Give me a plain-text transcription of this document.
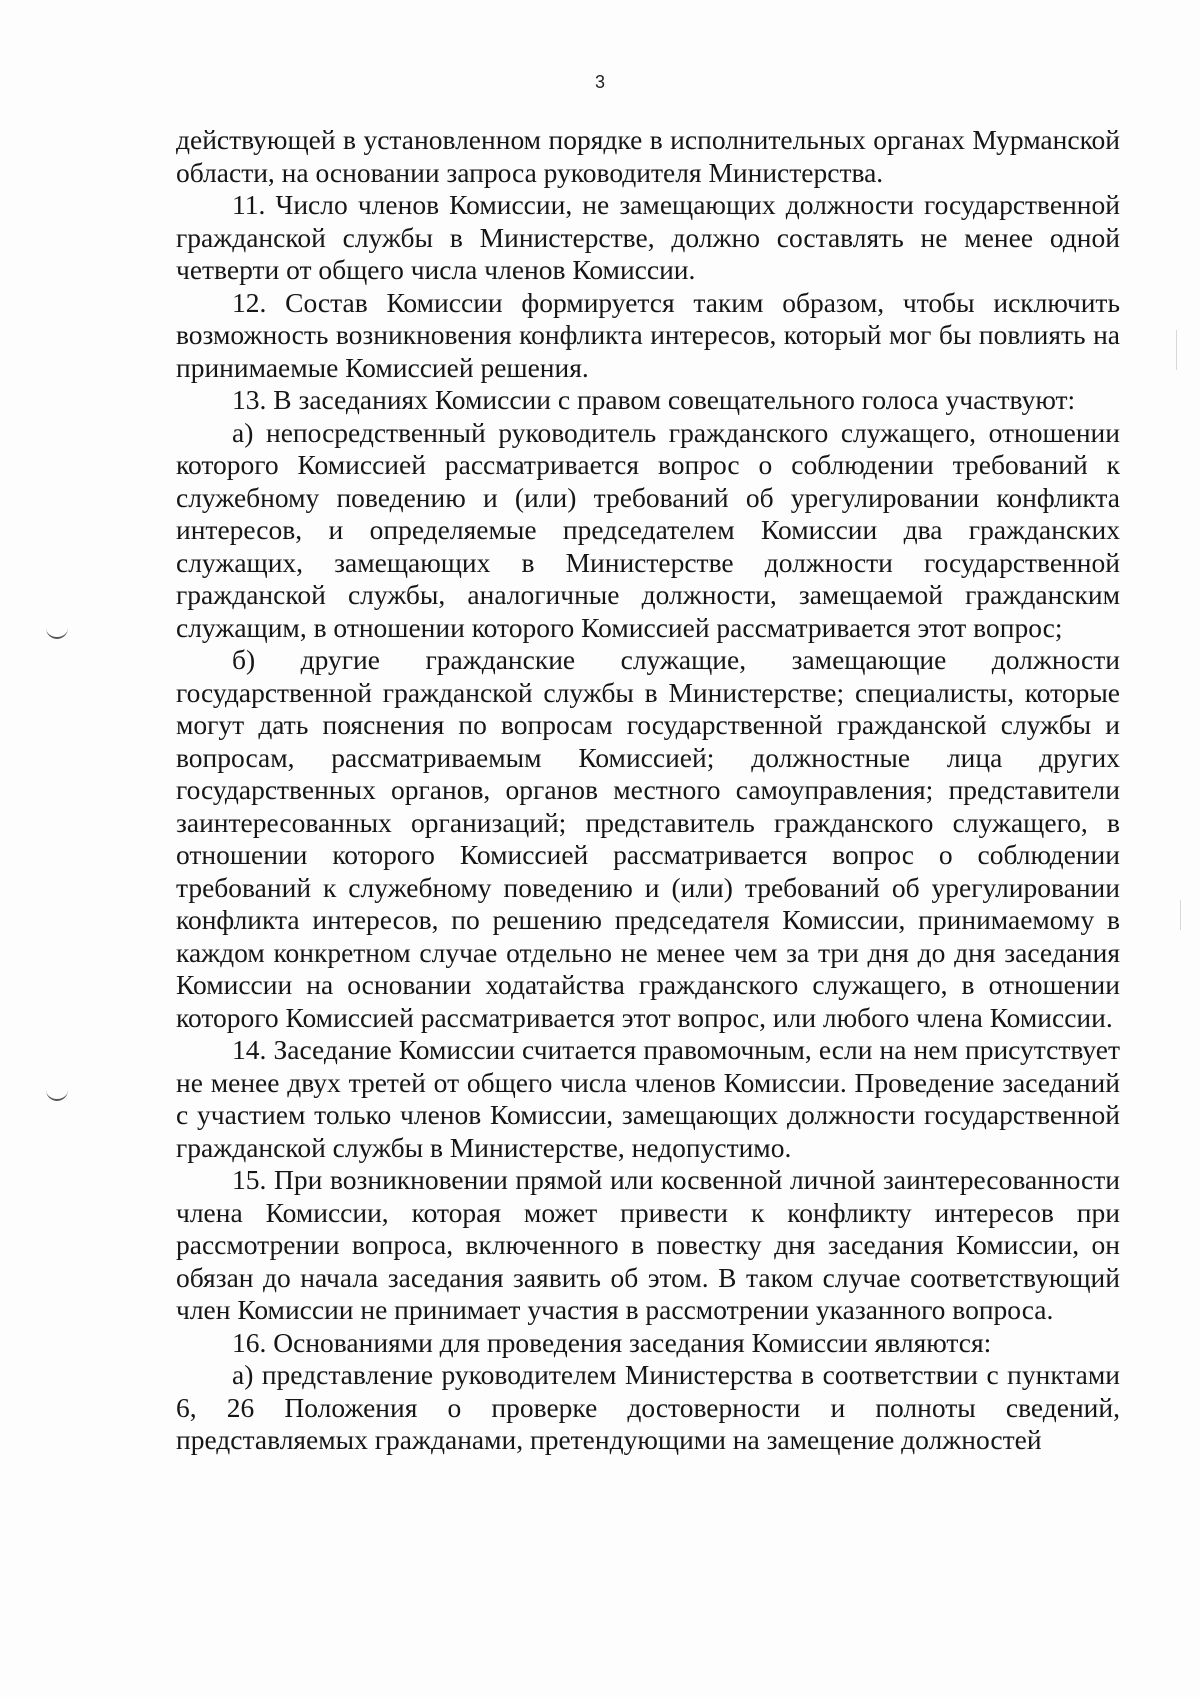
3

действующей в установленном порядке в исполнительных органах Мурманской области, на основании запроса руководителя Министерства.

11. Число членов Комиссии, не замещающих должности государственной гражданской службы в Министерстве, должно составлять не менее одной четверти от общего числа членов Комиссии.

12. Состав Комиссии формируется таким образом, чтобы исключить возможность возникновения конфликта интересов, который мог бы повлиять на принимаемые Комиссией решения.

13. В заседаниях Комиссии с правом совещательного голоса участвуют:

а) непосредственный руководитель гражданского служащего, отношении которого Комиссией рассматривается вопрос о соблюдении требований к служебному поведению и (или) требований об урегулировании конфликта интересов, и определяемые председателем Комиссии два гражданских служащих, замещающих в Министерстве должности государственной гражданской службы, аналогичные должности, замещаемой гражданским служащим, в отношении которого Комиссией рассматривается этот вопрос;

б) другие гражданские служащие, замещающие должности государственной гражданской службы в Министерстве; специалисты, которые могут дать пояснения по вопросам государственной гражданской службы и вопросам, рассматриваемым Комиссией; должностные лица других государственных органов, органов местного самоуправления; представители заинтересованных организаций; представитель гражданского служащего, в отношении которого Комиссией рассматривается вопрос о соблюдении требований к служебному поведению и (или) требований об урегулировании конфликта интересов, по решению председателя Комиссии, принимаемому в каждом конкретном случае отдельно не менее чем за три дня до дня заседания Комиссии на основании ходатайства гражданского служащего, в отношении которого Комиссией рассматривается этот вопрос, или любого члена Комиссии.

14. Заседание Комиссии считается правомочным, если на нем присутствует не менее двух третей от общего числа членов Комиссии. Проведение заседаний с участием только членов Комиссии, замещающих должности государственной гражданской службы в Министерстве, недопустимо.

15. При возникновении прямой или косвенной личной заинтересованности члена Комиссии, которая может привести к конфликту интересов при рассмотрении вопроса, включенного в повестку дня заседания Комиссии, он обязан до начала заседания заявить об этом. В таком случае соответствующий член Комиссии не принимает участия в рассмотрении указанного вопроса.

16. Основаниями для проведения заседания Комиссии являются:

а) представление руководителем Министерства в соответствии с пунктами 6, 26 Положения о проверке достоверности и полноты сведений, представляемых гражданами, претендующими на замещение должностей
